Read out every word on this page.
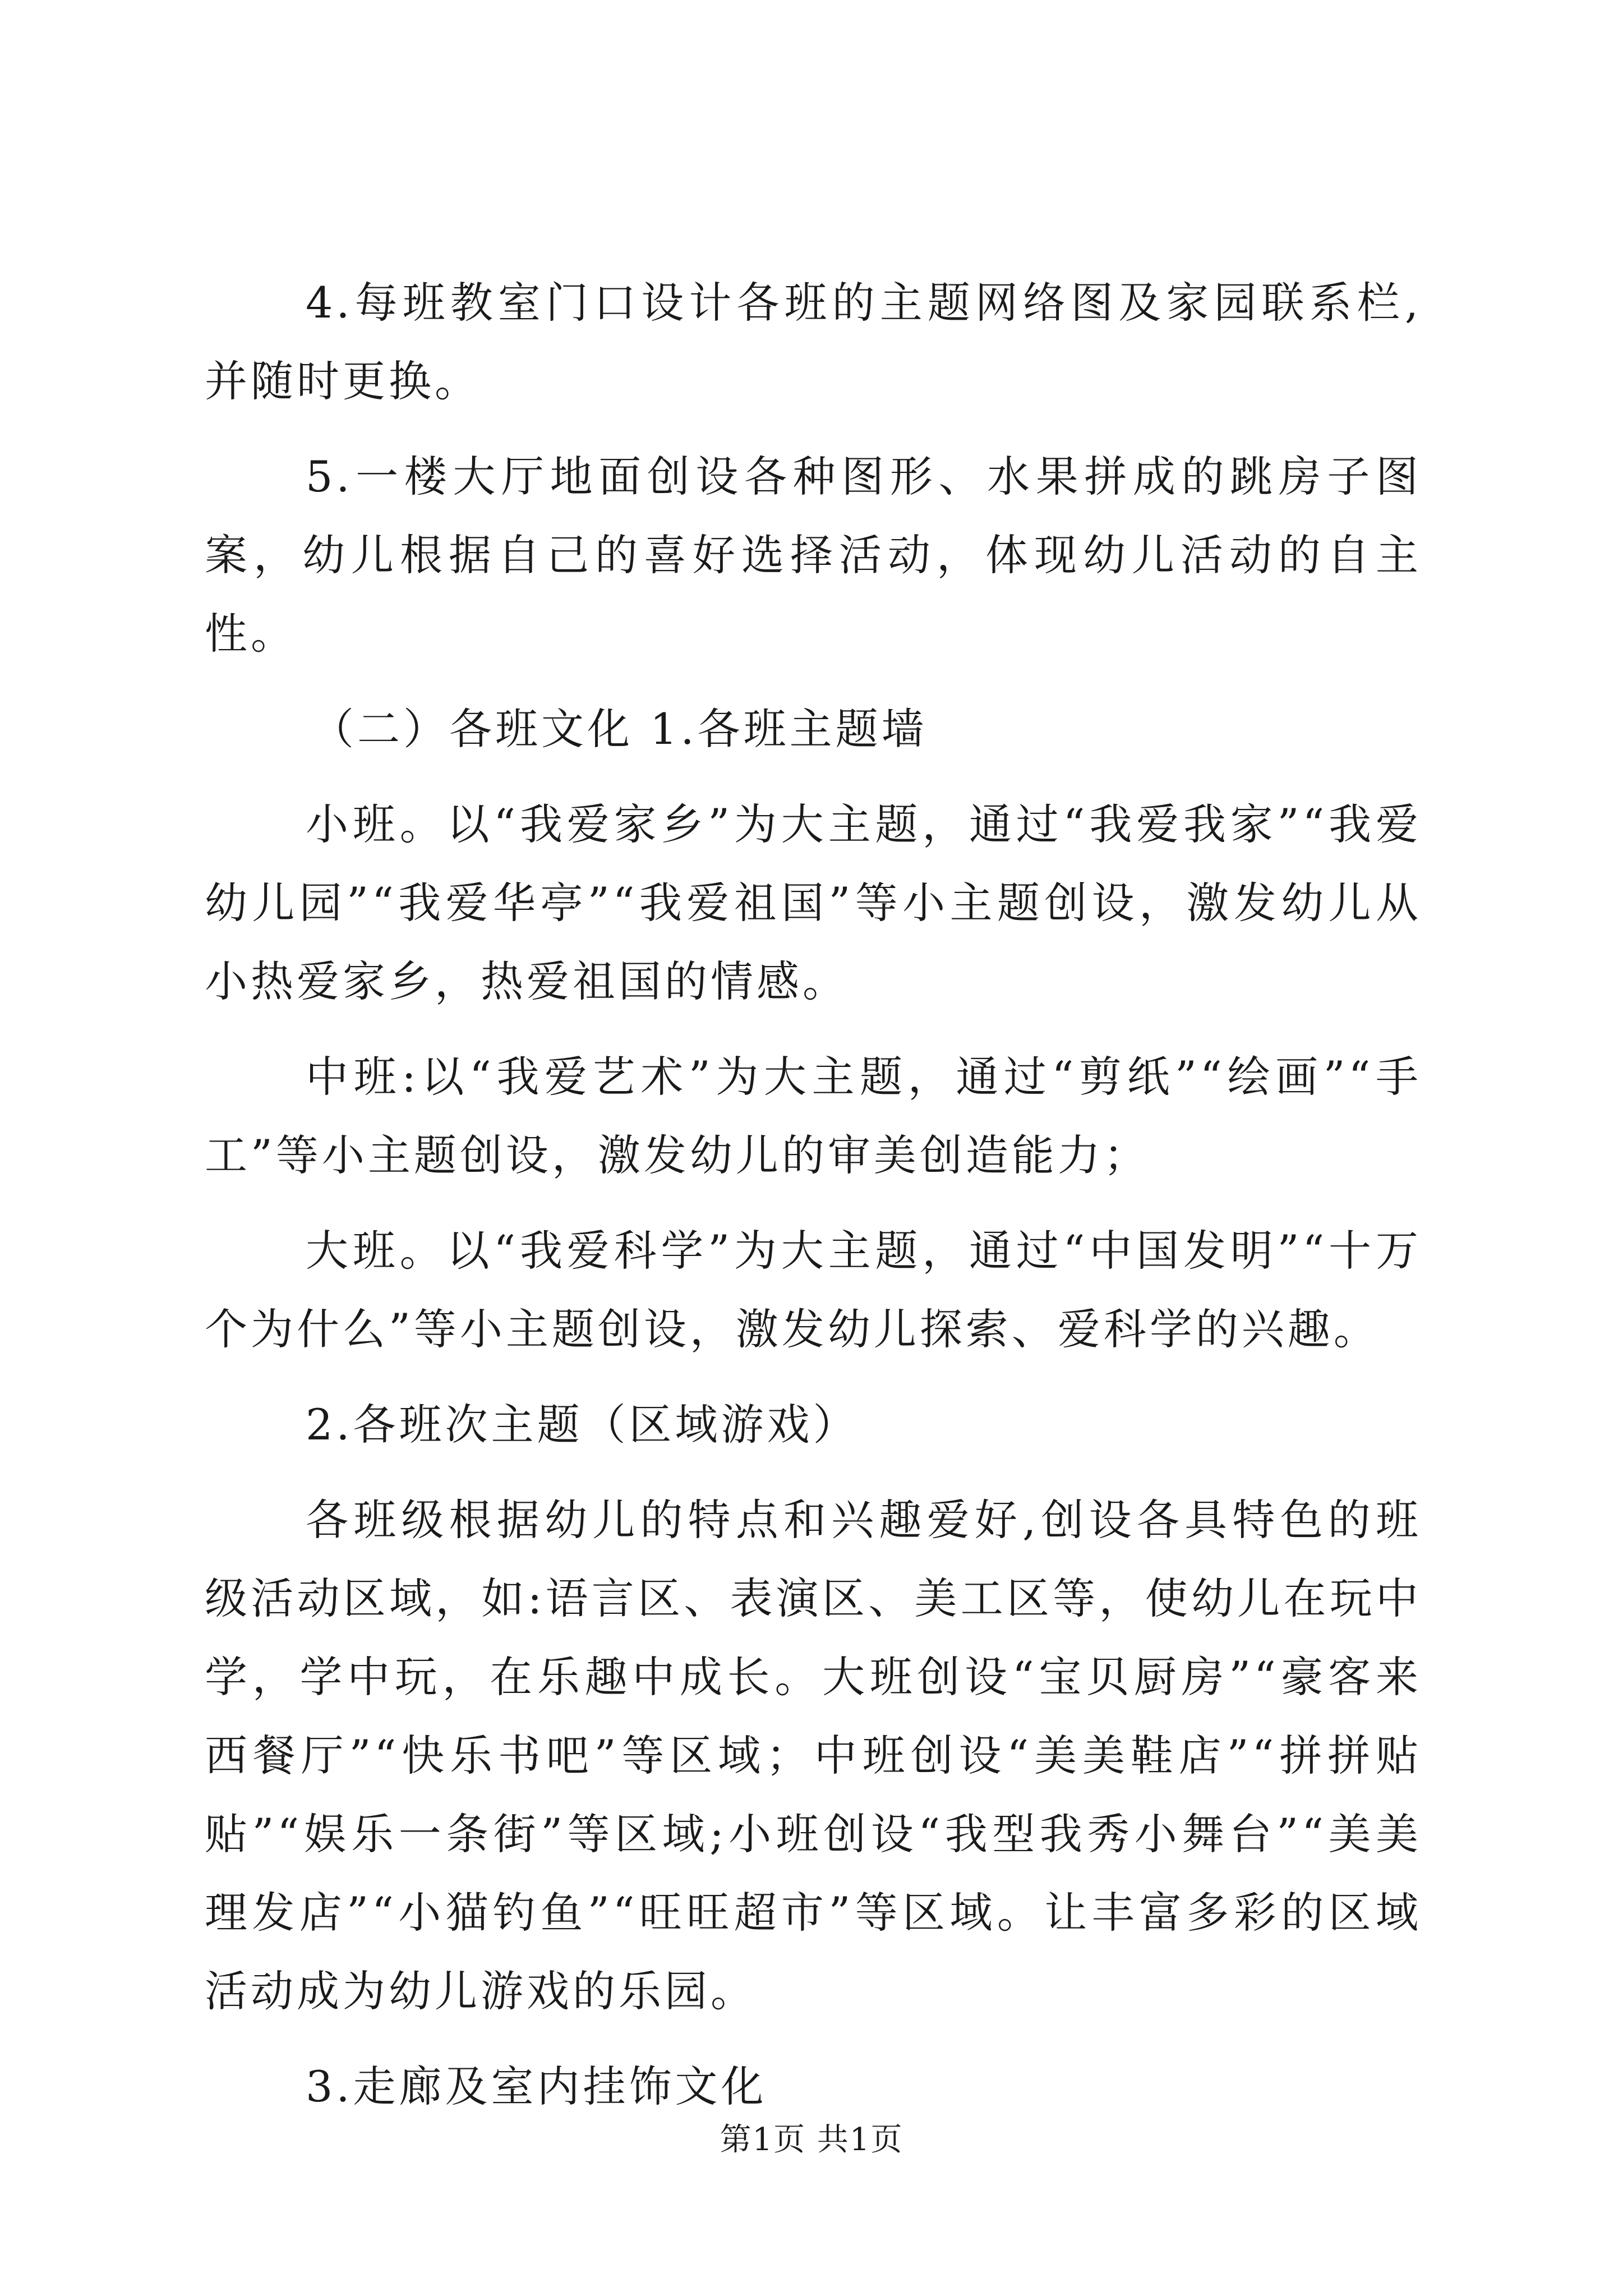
4.每班教室门口设计各班的主题网络图及家园联系栏,并随时更换。

5.一楼大厅地面创设各种图形、水果拼成的跳房子图案，幼儿根据自己的喜好选择活动，体现幼儿活动的自主性。

（二）各班文化 1.各班主题墙

小班。以“我爱家乡”为大主题，通过“我爱我家”“我爱幼儿园”“我爱华亭”“我爱祖国”等小主题创设，激发幼儿从小热爱家乡，热爱祖国的情感。

中班:以“我爱艺术”为大主题，通过“剪纸”“绘画”“手工”等小主题创设，激发幼儿的审美创造能力；

大班。以“我爱科学”为大主题，通过“中国发明”“十万个为什么”等小主题创设，激发幼儿探索、爱科学的兴趣。

2.各班次主题（区域游戏）

各班级根据幼儿的特点和兴趣爱好,创设各具特色的班级活动区域，如:语言区、表演区、美工区等，使幼儿在玩中学，学中玩，在乐趣中成长。大班创设“宝贝厨房”“豪客来西餐厅”“快乐书吧”等区域；中班创设“美美鞋店”“拼拼贴贴”“娱乐一条街”等区域;小班创设“我型我秀小舞台”“美美理发店”“小猫钓鱼”“旺旺超市”等区域。让丰富多彩的区域活动成为幼儿游戏的乐园。

3.走廊及室内挂饰文化

第1页 共1页
